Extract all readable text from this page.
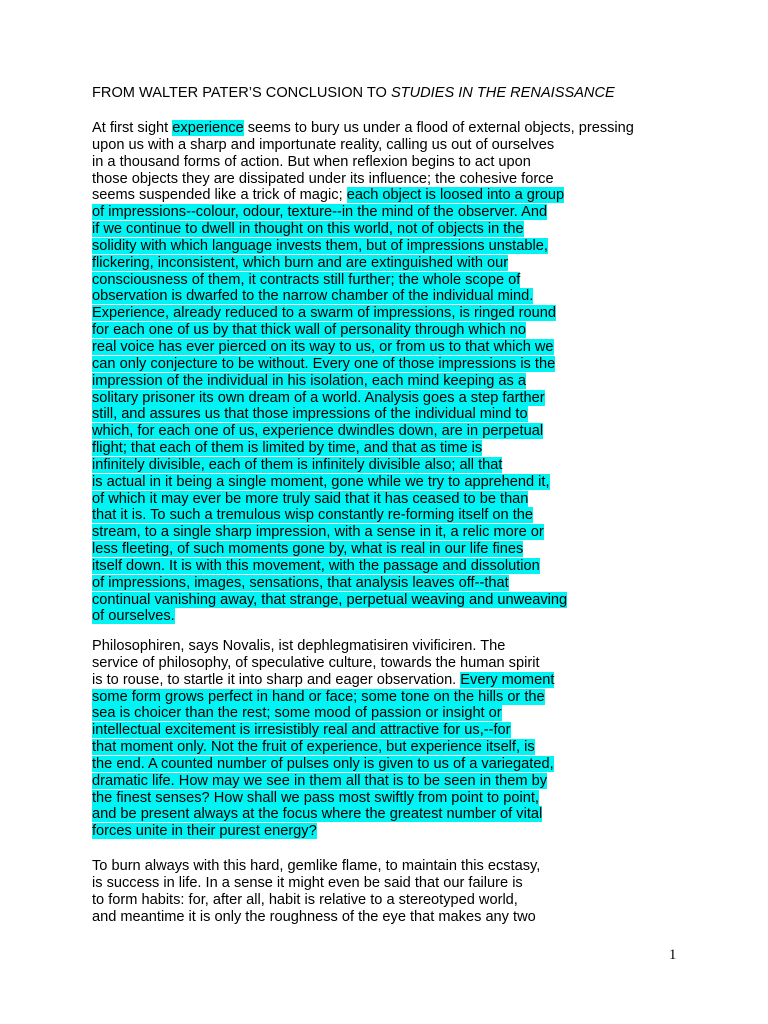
FROM WALTER PATER’S CONCLUSION TO STUDIES IN THE RENAISSANCE
At first sight experience seems to bury us under a flood of external objects, pressing
upon us with a sharp and importunate reality, calling us out of ourselves
in a thousand forms of action. But when reflexion begins to act upon
those objects they are dissipated under its influence; the cohesive force
seems suspended like a trick of magic; each object is loosed into a group
of impressions--colour, odour, texture--in the mind of the observer. And
if we continue to dwell in thought on this world, not of objects in the
solidity with which language invests them, but of impressions unstable,
flickering, inconsistent, which burn and are extinguished with our
consciousness of them, it contracts still further; the whole scope of
observation is dwarfed to the narrow chamber of the individual mind.
Experience, already reduced to a swarm of impressions, is ringed round
for each one of us by that thick wall of personality through which no
real voice has ever pierced on its way to us, or from us to that which we
can only conjecture to be without. Every one of those impressions is the
impression of the individual in his isolation, each mind keeping as a
solitary prisoner its own dream of a world. Analysis goes a step farther
still, and assures us that those impressions of the individual mind to
which, for each one of us, experience dwindles down, are in perpetual
flight; that each of them is limited by time, and that as time is
infinitely divisible, each of them is infinitely divisible also; all that
is actual in it being a single moment, gone while we try to apprehend it,
of which it may ever be more truly said that it has ceased to be than
that it is. To such a tremulous wisp constantly re-forming itself on the
stream, to a single sharp impression, with a sense in it, a relic more or
less fleeting, of such moments gone by, what is real in our life fines
itself down. It is with this movement, with the passage and dissolution
of impressions, images, sensations, that analysis leaves off--that
continual vanishing away, that strange, perpetual weaving and unweaving
of ourselves.
Philosophiren, says Novalis, ist dephlegmatisiren vivificiren. The
service of philosophy, of speculative culture, towards the human spirit
is to rouse, to startle it into sharp and eager observation. Every moment
some form grows perfect in hand or face; some tone on the hills or the
sea is choicer than the rest; some mood of passion or insight or
intellectual excitement is irresistibly real and attractive for us,--for
that moment only. Not the fruit of experience, but experience itself, is
the end. A counted number of pulses only is given to us of a variegated,
dramatic life. How may we see in them all that is to be seen in them by
the finest senses? How shall we pass most swiftly from point to point,
and be present always at the focus where the greatest number of vital
forces unite in their purest energy?
To burn always with this hard, gemlike flame, to maintain this ecstasy,
is success in life. In a sense it might even be said that our failure is
to form habits: for, after all, habit is relative to a stereotyped world,
and meantime it is only the roughness of the eye that makes any two
1
